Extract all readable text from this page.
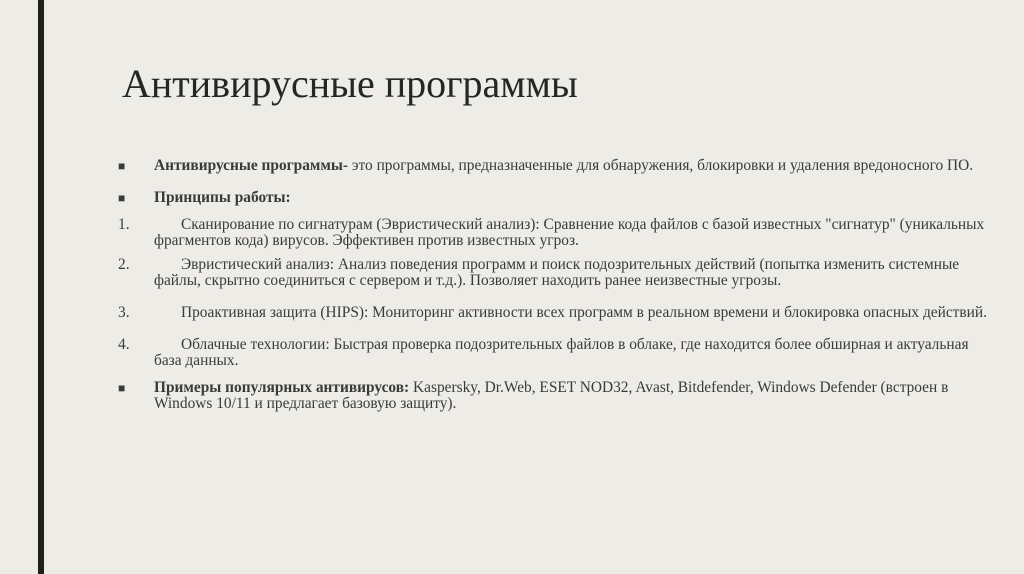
Антивирусные программы
■	Антивирусные программы- это программы, предназначенные для обнаружения, блокировки и удаления вредоносного ПО.
■	Принципы работы:
1.	Сканирование по сигнатурам (Эвристический анализ): Сравнение кода файлов с базой известных "сигнатур" (уникальных фрагментов кода) вирусов. Эффективен против известных угроз.
2.	Эвристический анализ: Анализ поведения программ и поиск подозрительных действий (попытка изменить системные файлы, скрытно соединиться с сервером и т.д.). Позволяет находить ранее неизвестные угрозы.
3.	Проактивная защита (HIPS): Мониторинг активности всех программ в реальном времени и блокировка опасных действий.
4.	Облачные технологии: Быстрая проверка подозрительных файлов в облаке, где находится более обширная и актуальная база данных.
■	Примеры популярных антивирусов: Kaspersky, Dr.Web, ESET NOD32, Avast, Bitdefender, Windows Defender (встроен в Windows 10/11 и предлагает базовую защиту).
